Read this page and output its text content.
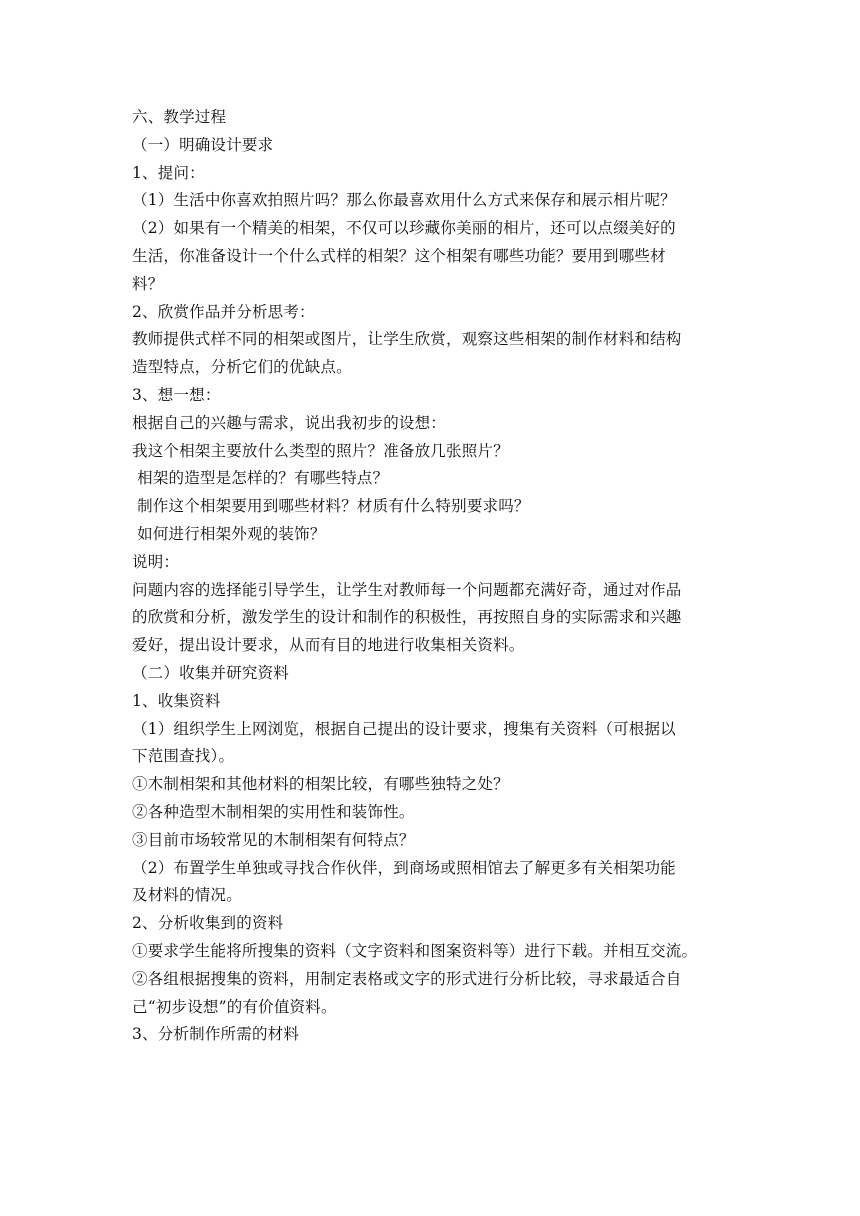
六、教学过程
（一）明确设计要求
1、提问：
（1）生活中你喜欢拍照片吗？那么你最喜欢用什么方式来保存和展示相片呢？
（2）如果有一个精美的相架，不仅可以珍藏你美丽的相片，还可以点缀美好的
生活，你准备设计一个什么式样的相架？这个相架有哪些功能？要用到哪些材
料？
2、欣赏作品并分析思考：
教师提供式样不同的相架或图片，让学生欣赏，观察这些相架的制作材料和结构
造型特点，分析它们的优缺点。
3、想一想：
根据自己的兴趣与需求，说出我初步的设想：
我这个相架主要放什么类型的照片？准备放几张照片？
相架的造型是怎样的？有哪些特点？
制作这个相架要用到哪些材料？材质有什么特别要求吗？
如何进行相架外观的装饰？
说明：
问题内容的选择能引导学生，让学生对教师每一个问题都充满好奇，通过对作品
的欣赏和分析，激发学生的设计和制作的积极性，再按照自身的实际需求和兴趣
爱好，提出设计要求，从而有目的地进行收集相关资料。
（二）收集并研究资料
1、收集资料
（1）组织学生上网浏览，根据自己提出的设计要求，搜集有关资料（可根据以
下范围查找）。
①木制相架和其他材料的相架比较，有哪些独特之处？
②各种造型木制相架的实用性和装饰性。
③目前市场较常见的木制相架有何特点？
（2）布置学生单独或寻找合作伙伴，到商场或照相馆去了解更多有关相架功能
及材料的情况。
2、分析收集到的资料
①要求学生能将所搜集的资料（文字资料和图案资料等）进行下载。并相互交流。
②各组根据搜集的资料，用制定表格或文字的形式进行分析比较，寻求最适合自
己“初步设想”的有价值资料。
3、分析制作所需的材料
